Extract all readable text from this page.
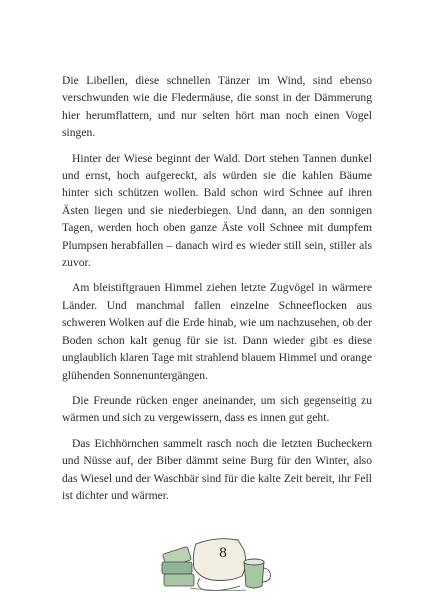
Die Libellen, diese schnellen Tänzer im Wind, sind ebenso verschwunden wie die Fledermäuse, die sonst in der Dämmerung hier herumflattern, und nur selten hört man noch einen Vogel singen.

Hinter der Wiese beginnt der Wald. Dort stehen Tannen dunkel und ernst, hoch aufgereckt, als würden sie die kahlen Bäume hinter sich schützen wollen. Bald schon wird Schnee auf ihren Ästen liegen und sie niederbiegen. Und dann, an den sonnigen Tagen, werden hoch oben ganze Äste voll Schnee mit dumpfem Plumpsen herabfallen – danach wird es wieder still sein, stiller als zuvor.

Am bleistiftgrauen Himmel ziehen letzte Zugvögel in wärmere Länder. Und manchmal fallen einzelne Schneeflocken aus schweren Wolken auf die Erde hinab, wie um nachzusehen, ob der Boden schon kalt genug für sie ist. Dann wieder gibt es diese unglaublich klaren Tage mit strahlend blauem Himmel und orange glühenden Sonnenuntergängen.

Die Freunde rücken enger aneinander, um sich gegenseitig zu wärmen und sich zu vergewissern, dass es innen gut geht.

Das Eichhörnchen sammelt rasch noch die letzten Bucheckern und Nüsse auf, der Biber dämmt seine Burg für den Winter, also das Wiesel und der Waschbär sind für die kalte Zeit bereit, ihr Fell ist dichter und wärmer.

8
